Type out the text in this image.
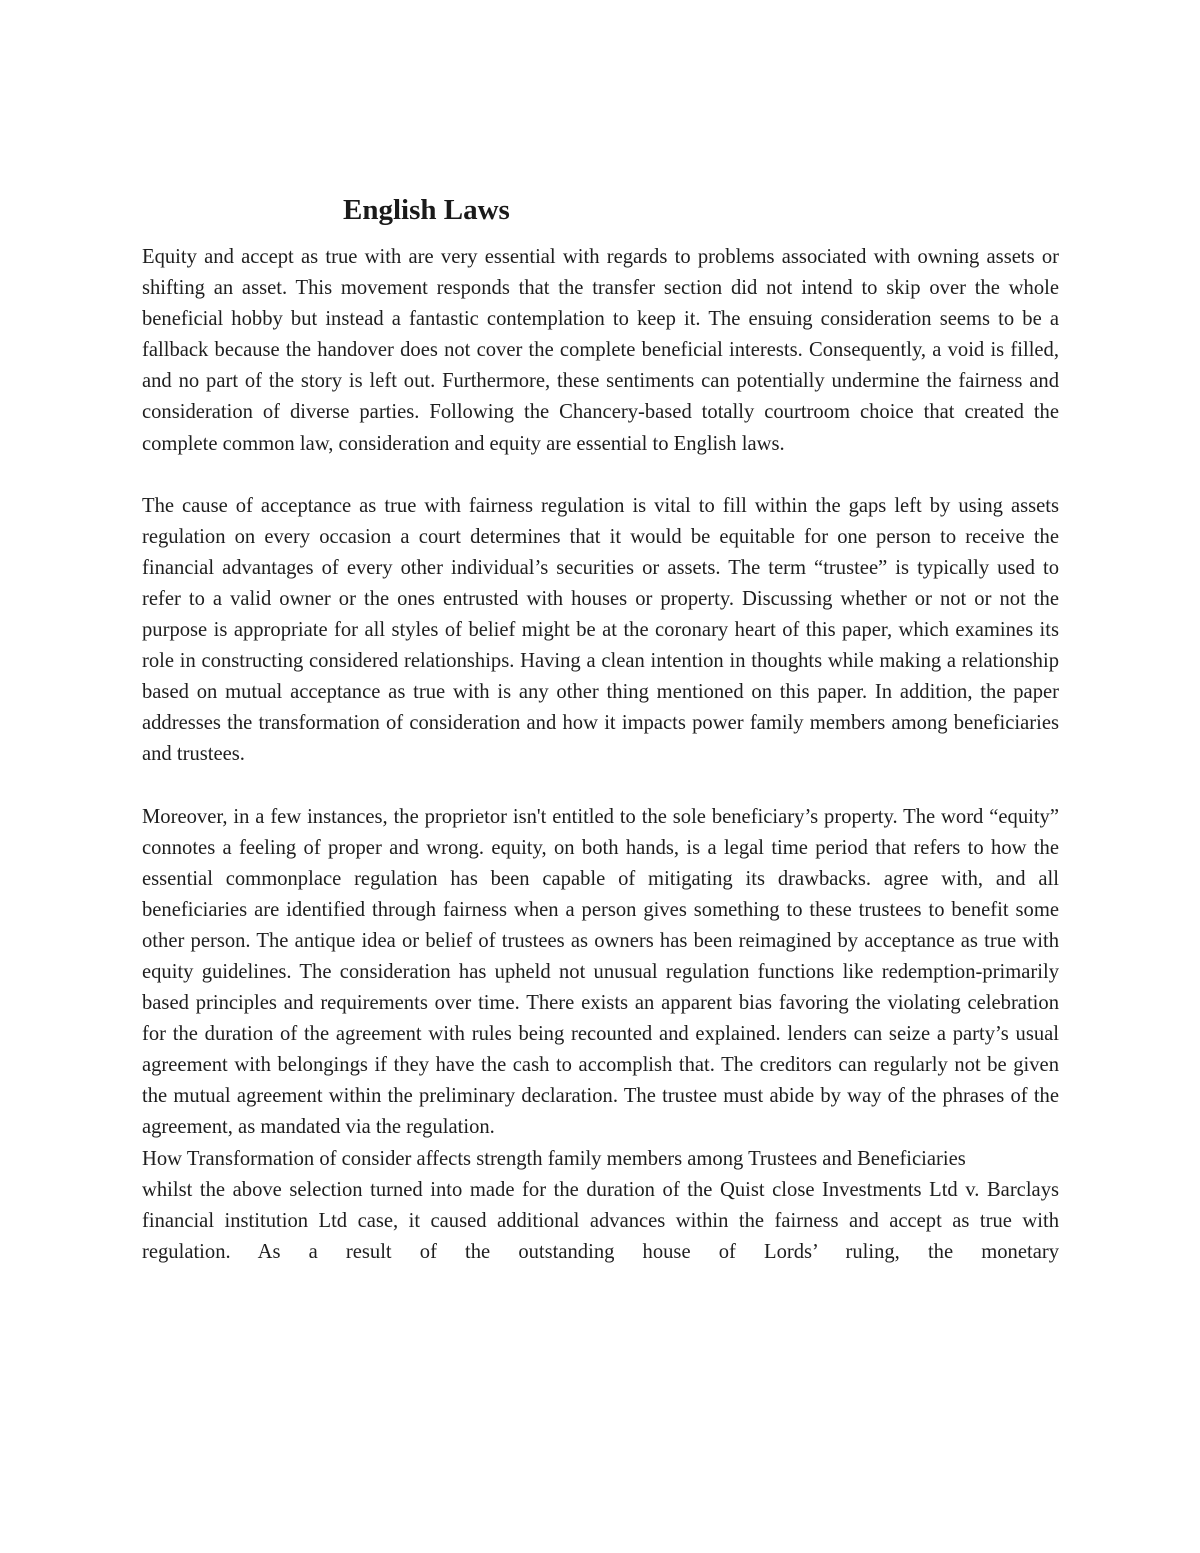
English Laws

Equity and accept as true with are very essential with regards to problems associated with owning assets or shifting an asset. This movement responds that the transfer section did not intend to skip over the whole beneficial hobby but instead a fantastic contemplation to keep it. The ensuing consideration seems to be a fallback because the handover does not cover the complete beneficial interests. Consequently, a void is filled, and no part of the story is left out. Furthermore, these sentiments can potentially undermine the fairness and consideration of diverse parties. Following the Chancery-based totally courtroom choice that created the complete common law, consideration and equity are essential to English laws.

The cause of acceptance as true with fairness regulation is vital to fill within the gaps left by using assets regulation on every occasion a court determines that it would be equitable for one person to receive the financial advantages of every other individual’s securities or assets. The term “trustee” is typically used to refer to a valid owner or the ones entrusted with houses or property. Discussing whether or not or not the purpose is appropriate for all styles of belief might be at the coronary heart of this paper, which examines its role in constructing considered relationships. Having a clean intention in thoughts while making a relationship based on mutual acceptance as true with is any other thing mentioned on this paper. In addition, the paper addresses the transformation of consideration and how it impacts power family members among beneficiaries and trustees.

Moreover, in a few instances, the proprietor isn't entitled to the sole beneficiary’s property. The word “equity” connotes a feeling of proper and wrong. equity, on both hands, is a legal time period that refers to how the essential commonplace regulation has been capable of mitigating its drawbacks. agree with, and all beneficiaries are identified through fairness when a person gives something to these trustees to benefit some other person. The antique idea or belief of trustees as owners has been reimagined by acceptance as true with equity guidelines. The consideration has upheld not unusual regulation functions like redemption-primarily based principles and requirements over time. There exists an apparent bias favoring the violating celebration for the duration of the agreement with rules being recounted and explained. lenders can seize a party’s usual agreement with belongings if they have the cash to accomplish that. The creditors can regularly not be given the mutual agreement within the preliminary declaration. The trustee must abide by way of the phrases of the agreement, as mandated via the regulation.

How Transformation of consider affects strength family members among Trustees and Beneficiaries

whilst the above selection turned into made for the duration of the Quist close Investments Ltd v. Barclays financial institution Ltd case, it caused additional advances within the fairness and accept as true with regulation. As a result of the outstanding house of Lords’ ruling, the monetary
